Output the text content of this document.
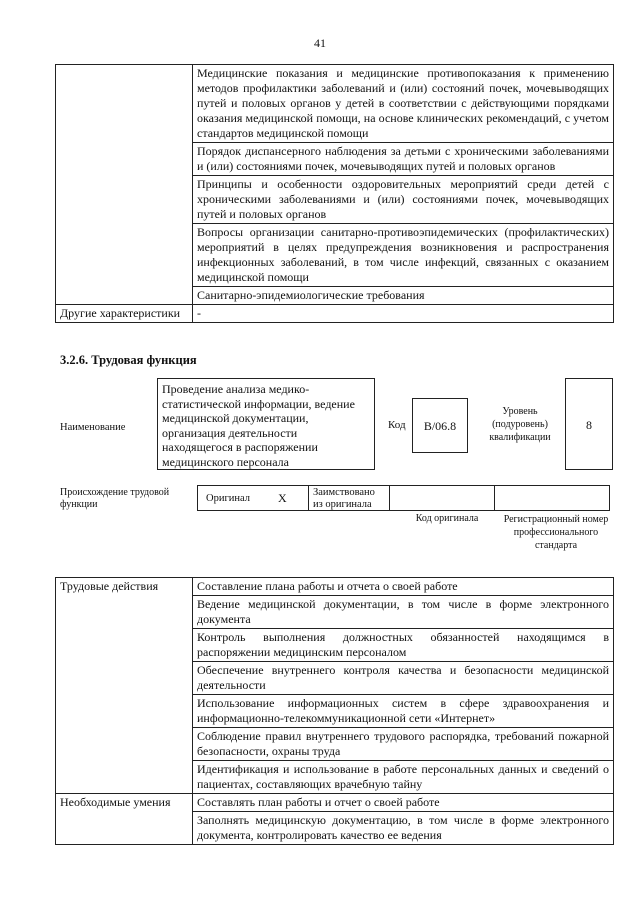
41
	Медицинские показания и медицинские противопоказания к применению методов профилактики заболеваний и (или) состояний почек, мочевыводящих путей и половых органов у детей в соответствии с действующими порядками оказания медицинской помощи, на основе клинических рекомендаций, с учетом стандартов медицинской помощи
	Порядок диспансерного наблюдения за детьми с хроническими заболеваниями и (или) состояниями почек, мочевыводящих путей и половых органов
	Принципы и особенности оздоровительных мероприятий среди детей с хроническими заболеваниями и (или) состояниями почек, мочевыводящих путей и половых органов
	Вопросы организации санитарно-противоэпидемических (профилактических) мероприятий в целях предупреждения возникновения и распространения инфекционных заболеваний, в том числе инфекций, связанных с оказанием медицинской помощи
	Санитарно-эпидемиологические требования
Другие характеристики	-
3.2.6. Трудовая функция
Наименование
Проведение анализа медико-статистической информации, ведение медицинской документации, организация деятельности находящегося в распоряжении медицинского персонала
Код	B/06.8
Уровень (подуровень) квалификации
8
Происхождение трудовой функции
Оригинал X	Заимствовано из оригинала
Код оригинала	Регистрационный номер профессионального стандарта
Трудовые действия	Составление плана работы и отчета о своей работе
	Ведение медицинской документации, в том числе в форме электронного документа
	Контроль выполнения должностных обязанностей находящимся в распоряжении медицинским персоналом
	Обеспечение внутреннего контроля качества и безопасности медицинской деятельности
	Использование информационных систем в сфере здравоохранения и информационно-телекоммуникационной сети «Интернет»
	Соблюдение правил внутреннего трудового распорядка, требований пожарной безопасности, охраны труда
	Идентификация и использование в работе персональных данных и сведений о пациентах, составляющих врачебную тайну
Необходимые умения	Составлять план работы и отчет о своей работе
	Заполнять медицинскую документацию, в том числе в форме электронного документа, контролировать качество ее ведения
